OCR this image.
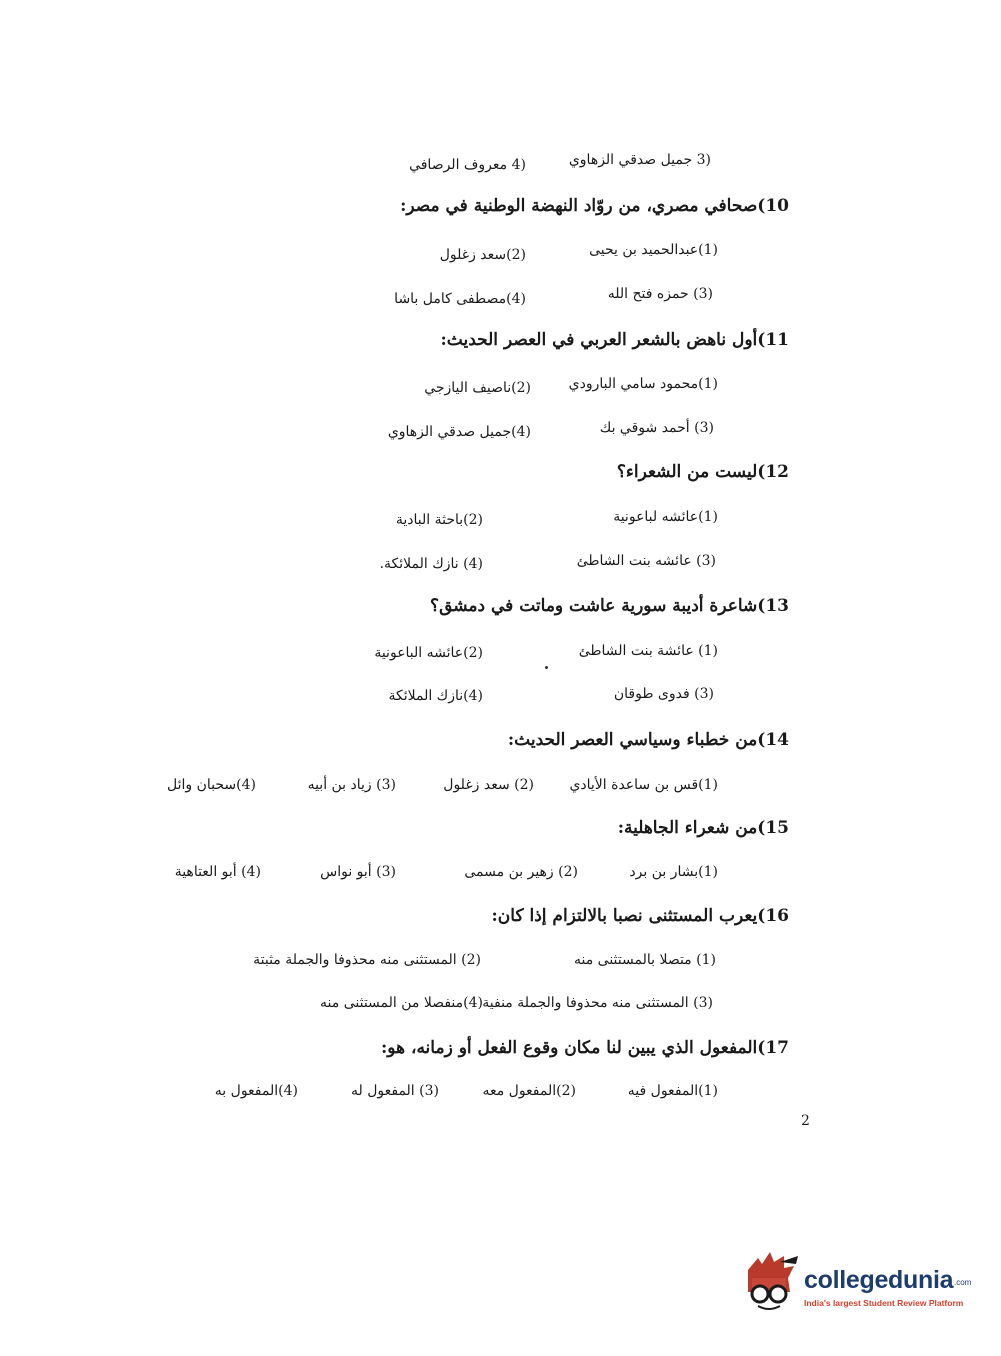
(3 جميل صدقي الزهاوي
(4 معروف الرصافي
10)صحافي مصري، من روّاد النهضة الوطنية في مصر:
(1)عبدالحميد بن يحيى
(2)سعد زغلول
(3) حمزه فتح الله
(4)مصطفى كامل باشا
11)أول ناهض بالشعر العربي في العصر الحديث:
(1)محمود سامي البارودي
(2)ناصيف اليازجي
(3) أحمد شوقي بك
(4)جميل صدقي الزهاوي
12)ليست من الشعراء؟
(1)عائشه لباعونية
(2)باحثة البادية
(3) عائشه بنت الشاطئ
(4) نازك الملائكة.
13)شاعرة أديبة سورية عاشت وماتت في دمشق؟
(1) عائشة بنت الشاطئ
(2)عائشه الباعونية
(3) فدوى طوقان
(4)نازك الملائكة
14)من خطباء وسياسي العصر الحديث:
(1)قس بن ساعدة الأيادي
(2) سعد زغلول
(3) زياد بن أبيه
(4)سحبان وائل
15)من شعراء الجاهلية:
(1)بشار بن برد
(2) زهير بن مسمى
(3) أبو نواس
(4) أبو العتاهية
16)يعرب المستثنى نصبا بالالتزام إذا كان:
(1) متصلا بالمستثنى منه
(2) المستثنى منه محذوفا والجملة مثبتة
(3) المستثنى منه محذوفا والجملة منفية
(4)منفصلا من المستثنى منه
17)المفعول الذي يبين لنا مكان وقوع الفعل أو زمانه، هو:
(1)المفعول فيه
(2)المفعول معه
(3) المفعول له
(4)المفعول به
2
collegedunia .com
India's largest Student Review Platform
